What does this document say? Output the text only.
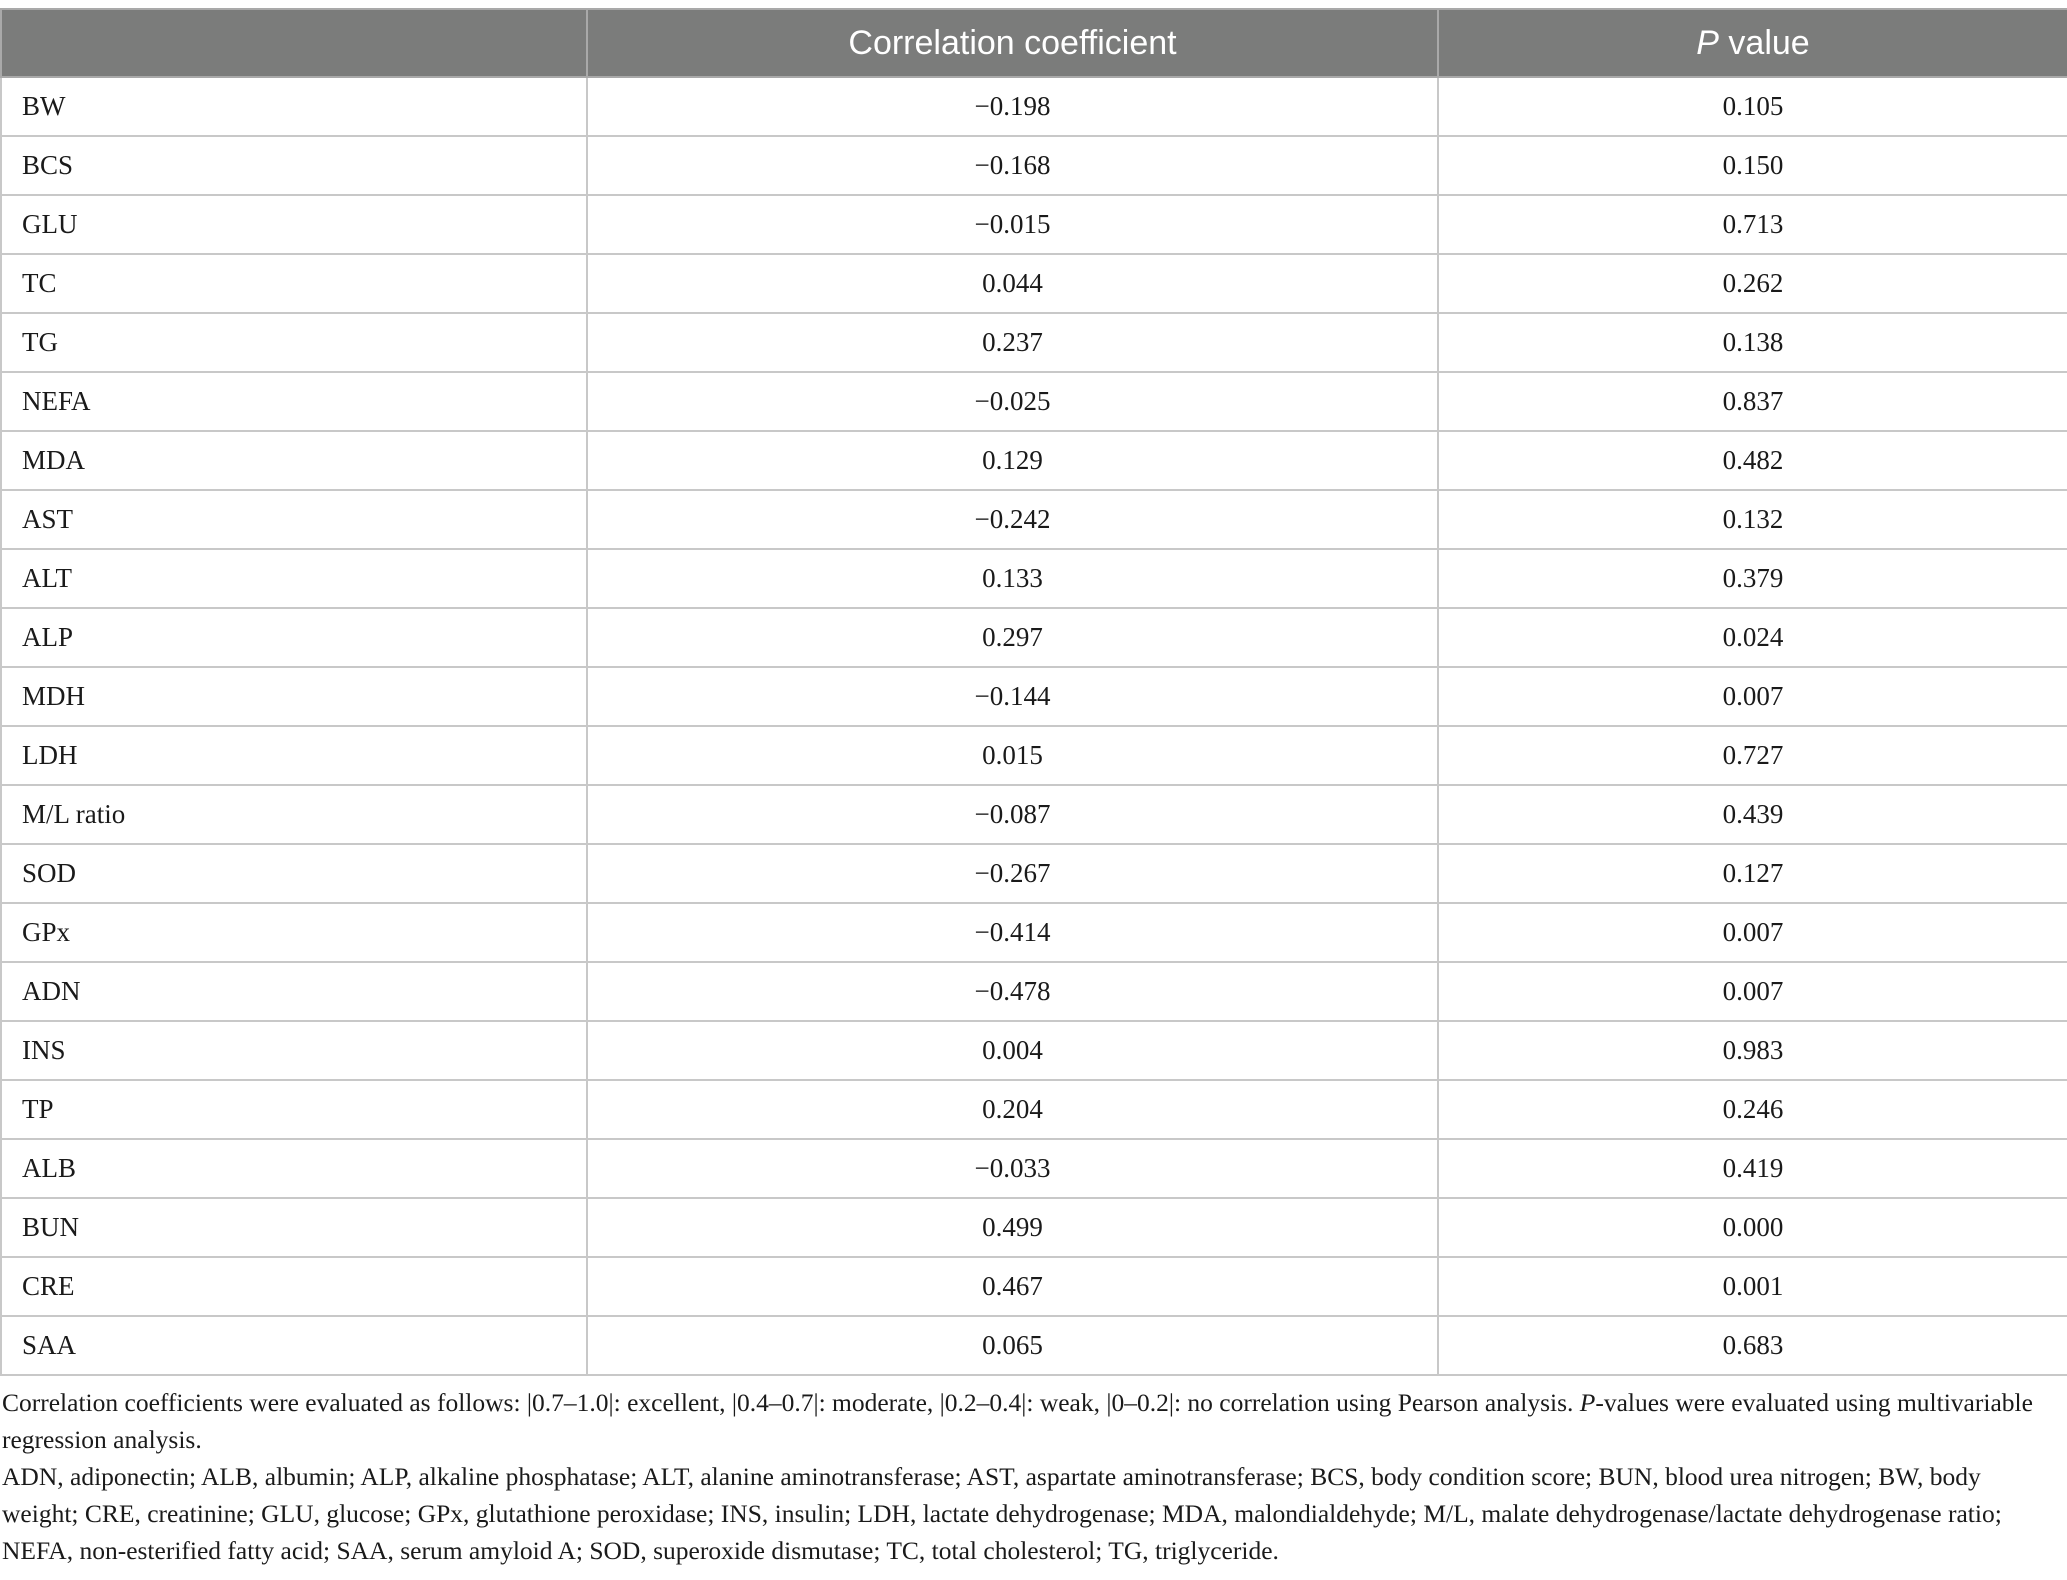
	Correlation coefficient	P value
BW	−0.198	0.105
BCS	−0.168	0.150
GLU	−0.015	0.713
TC	0.044	0.262
TG	0.237	0.138
NEFA	−0.025	0.837
MDA	0.129	0.482
AST	−0.242	0.132
ALT	0.133	0.379
ALP	0.297	0.024
MDH	−0.144	0.007
LDH	0.015	0.727
M/L ratio	−0.087	0.439
SOD	−0.267	0.127
GPx	−0.414	0.007
ADN	−0.478	0.007
INS	0.004	0.983
TP	0.204	0.246
ALB	−0.033	0.419
BUN	0.499	0.000
CRE	0.467	0.001
SAA	0.065	0.683

Correlation coefficients were evaluated as follows: |0.7–1.0|: excellent, |0.4–0.7|: moderate, |0.2–0.4|: weak, |0–0.2|: no correlation using Pearson analysis. P-values were evaluated using multivariable regression analysis.

ADN, adiponectin; ALB, albumin; ALP, alkaline phosphatase; ALT, alanine aminotransferase; AST, aspartate aminotransferase; BCS, body condition score; BUN, blood urea nitrogen; BW, body weight; CRE, creatinine; GLU, glucose; GPx, glutathione peroxidase; INS, insulin; LDH, lactate dehydrogenase; MDA, malondialdehyde; M/L, malate dehydrogenase/lactate dehydrogenase ratio; NEFA, non-esterified fatty acid; SAA, serum amyloid A; SOD, superoxide dismutase; TC, total cholesterol; TG, triglyceride.
